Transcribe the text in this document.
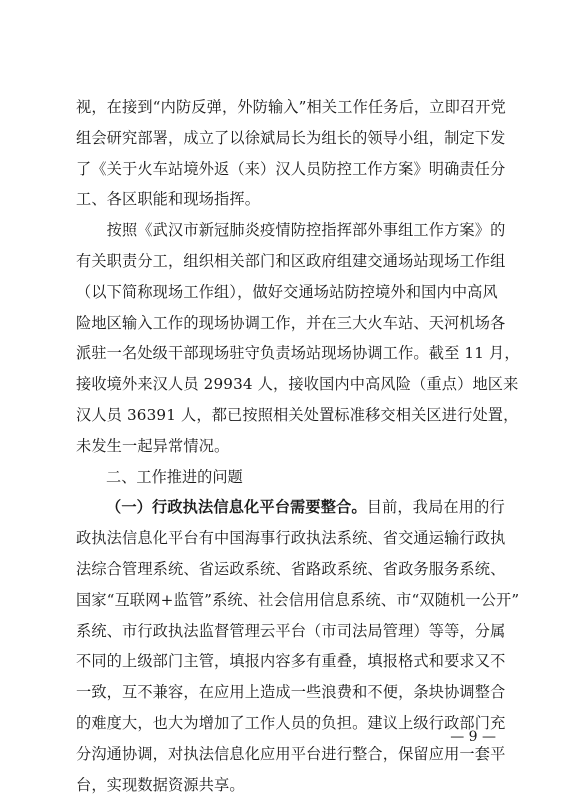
视，在接到“内防反弹，外防输入”相关工作任务后，立即召开党
组会研究部署，成立了以徐斌局长为组长的领导小组，制定下发
了《关于火车站境外返（来）汉人员防控工作方案》明确责任分
工、各区职能和现场指挥。
　　按照《武汉市新冠肺炎疫情防控指挥部外事组工作方案》的
有关职责分工，组织相关部门和区政府组建交通场站现场工作组
（以下简称现场工作组），做好交通场站防控境外和国内中高风
险地区输入工作的现场协调工作，并在三大火车站、天河机场各
派驻一名处级干部现场驻守负责场站现场协调工作。截至 11 月，
接收境外来汉人员 29934 人，接收国内中高风险（重点）地区来
汉人员 36391 人，都已按照相关处置标准移交相关区进行处置，
未发生一起异常情况。
二、工作推进的问题
（一）行政执法信息化平台需要整合。目前，我局在用的行
政执法信息化平台有中国海事行政执法系统、省交通运输行政执
法综合管理系统、省运政系统、省路政系统、省政务服务系统、
国家“互联网+监管”系统、社会信用信息系统、市“双随机一公开”
系统、市行政执法监督管理云平台（市司法局管理）等等，分属
不同的上级部门主管，填报内容多有重叠，填报格式和要求又不
一致，互不兼容，在应用上造成一些浪费和不便，条块协调整合
的难度大，也大为增加了工作人员的负担。建议上级行政部门充
分沟通协调，对执法信息化应用平台进行整合，保留应用一套平
台，实现数据资源共享。
— 9 —
